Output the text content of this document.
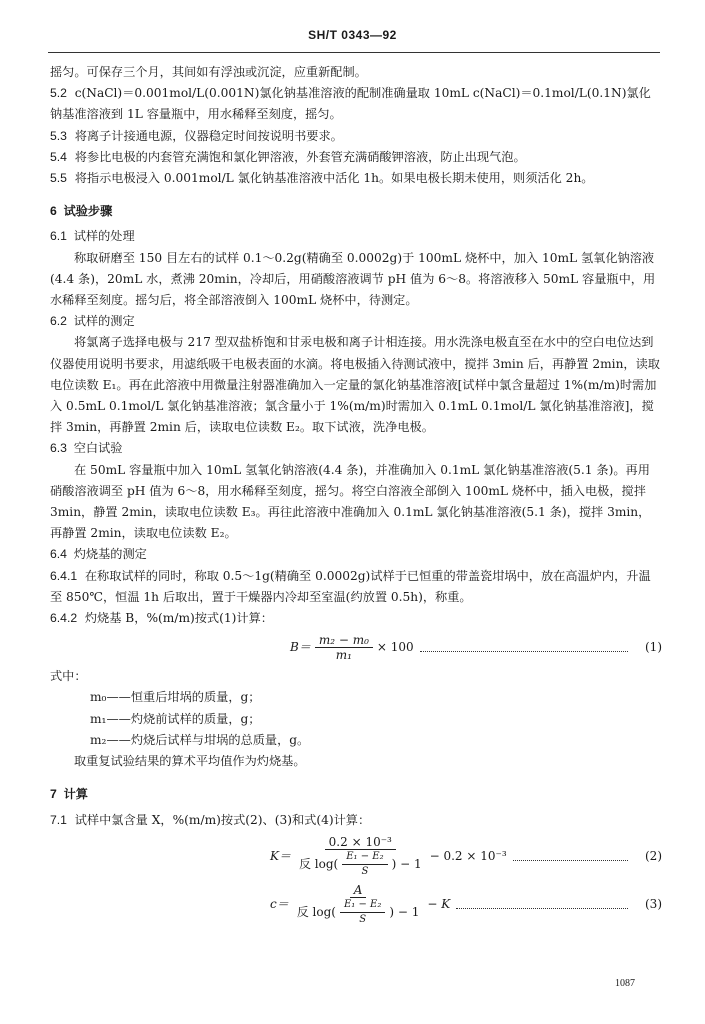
SH/T 0343—92

摇匀。可保存三个月，其间如有浮浊或沉淀，应重新配制。

5.2 c(NaCl)＝0.001mol/L(0.001N)氯化钠基准溶液的配制准确量取 10mL c(NaCl)＝0.1mol/L(0.1N)氯化钠基准溶液到 1L 容量瓶中，用水稀释至刻度，摇匀。

5.3 将离子计接通电源，仪器稳定时间按说明书要求。

5.4 将参比电极的内套管充满饱和氯化钾溶液，外套管充满硝酸钾溶液，防止出现气泡。

5.5 将指示电极浸入 0.001mol/L 氯化钠基准溶液中活化 1h。如果电极长期未使用，则须活化 2h。

6 试验步骤

6.1 试样的处理

称取研磨至 150 目左右的试样 0.1～0.2g(精确至 0.0002g)于 100mL 烧杯中，加入 10mL 氢氧化钠溶液(4.4 条)，20mL 水，煮沸 20min，冷却后，用硝酸溶液调节 pH 值为 6～8。将溶液移入 50mL 容量瓶中，用水稀释至刻度。摇匀后，将全部溶液倒入 100mL 烧杯中，待测定。

6.2 试样的测定

将氯离子选择电极与 217 型双盐桥饱和甘汞电极和离子计相连接。用水洗涤电极直至在水中的空白电位达到仪器使用说明书要求，用滤纸吸干电极表面的水滴。将电极插入待测试液中，搅拌 3min 后，再静置 2min，读取电位读数 E₁。再在此溶液中用微量注射器准确加入一定量的氯化钠基准溶液[试样中氯含量超过 1%(m/m)时需加入 0.5mL 0.1mol/L 氯化钠基准溶液；氯含量小于 1%(m/m)时需加入 0.1mL 0.1mol/L 氯化钠基准溶液]，搅拌 3min，再静置 2min 后，读取电位读数 E₂。取下试液，洗净电极。

6.3 空白试验

在 50mL 容量瓶中加入 10mL 氢氧化钠溶液(4.4 条)，并准确加入 0.1mL 氯化钠基准溶液(5.1 条)。再用硝酸溶液调至 pH 值为 6～8，用水稀释至刻度，摇匀。将空白溶液全部倒入 100mL 烧杯中，插入电极，搅拌 3min，静置 2min，读取电位读数 E₃。再往此溶液中准确加入 0.1mL 氯化钠基准溶液(5.1 条)，搅拌 3min，再静置 2min，读取电位读数 E₂。

6.4 灼烧基的测定

6.4.1 在称取试样的同时，称取 0.5～1g(精确至 0.0002g)试样于已恒重的带盖瓷坩埚中，放在高温炉内，升温至 850℃，恒温 1h 后取出，置于干燥器内冷却至室温(约放置 0.5h)，称重。

6.4.2 灼烧基 B，%(m/m)按式(1)计算：

$B= \frac{\text{m₂ − m₀}}{\text{m₁}} \times 100$	(1)

式中：

m₀——恒重后坩埚的质量，g；

m₁——灼烧前试样的质量，g；

m₂——灼烧后试样与坩埚的总质量，g。

取重复试验结果的算术平均值作为灼烧基。

7 计算

7.1 试样中氯含量 X，%(m/m)按式(2)、(3)和式(4)计算：

K＝
0.2 × 10⁻³
反 $\log( \frac{\text{E₁ − E₂}}{S}$ ) − 1
− 0.2 × 10⁻³	(2)
c＝
A
反 $\log( \frac{\text{E₁ − E₂}}{S}$ ) − 1
− K	(3)
1087
